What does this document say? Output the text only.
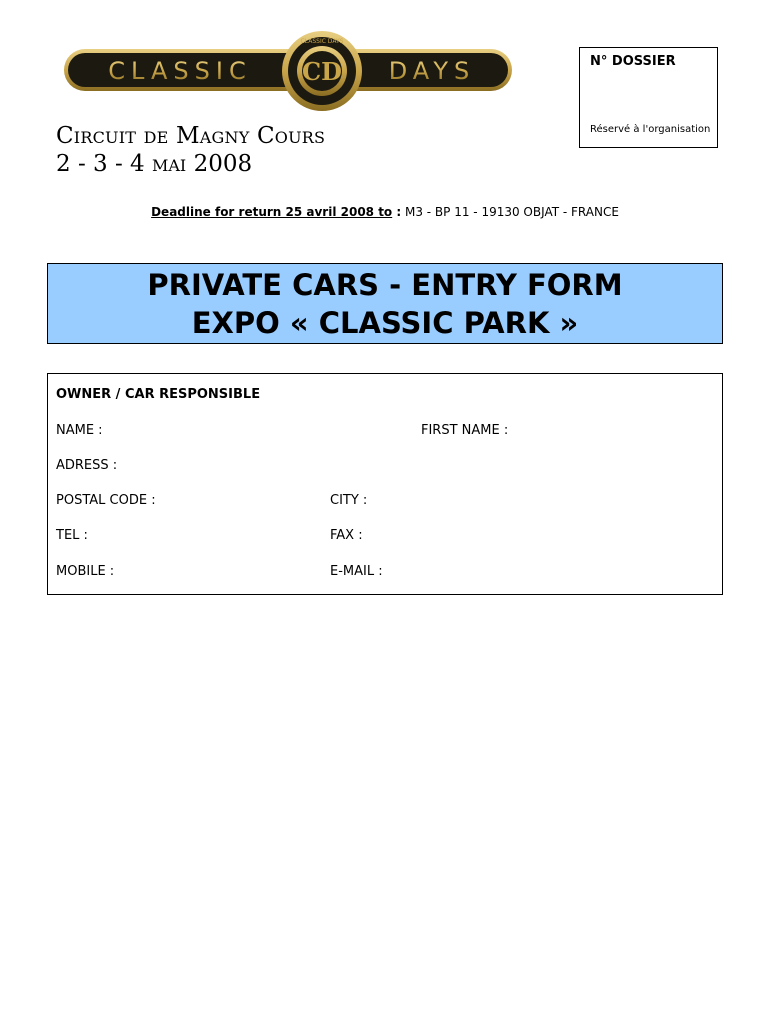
CLASSIC DAYS
CD
CLASSIC	DAYS
Circuit de Magny Cours
2 - 3 - 4 mai 2008
N° DOSSIER
Réservé à l'organisation
Deadline for return 25 avril 2008 to : M3 - BP 11 - 19130 OBJAT - FRANCE
PRIVATE CARS - ENTRY FORM
EXPO « CLASSIC PARK »
OWNER / CAR RESPONSIBLE
NAME :	FIRST NAME :
ADRESS :
POSTAL CODE :	CITY :
TEL :	FAX :
MOBILE :	E-MAIL :
